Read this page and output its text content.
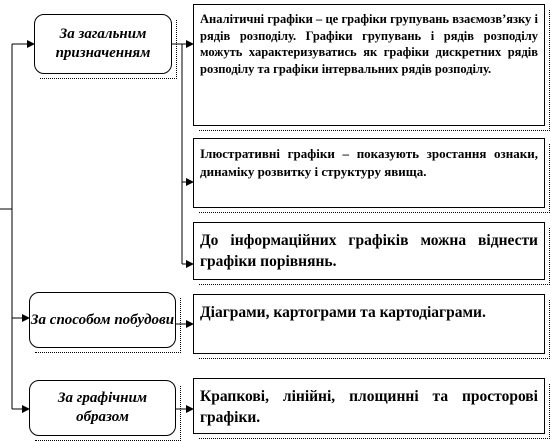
За загальним призначенням
За способом побудови
За графічним образом
Аналітичні графіки – це графіки групувань взаємозв’язку і рядів розподілу. Графіки групувань і рядів розподілу можуть характеризуватись як графіки дискретних рядів розподілу та графіки інтервальних рядів розподілу.
Ілюстративні графіки – показують зростання ознаки, динаміку розвитку і структуру явища.
До інформаційних графіків можна віднести графіки порівнянь.
Діаграми, картограми та картодіаграми.
Крапкові, лінійні, площинні та просторові графіки.
